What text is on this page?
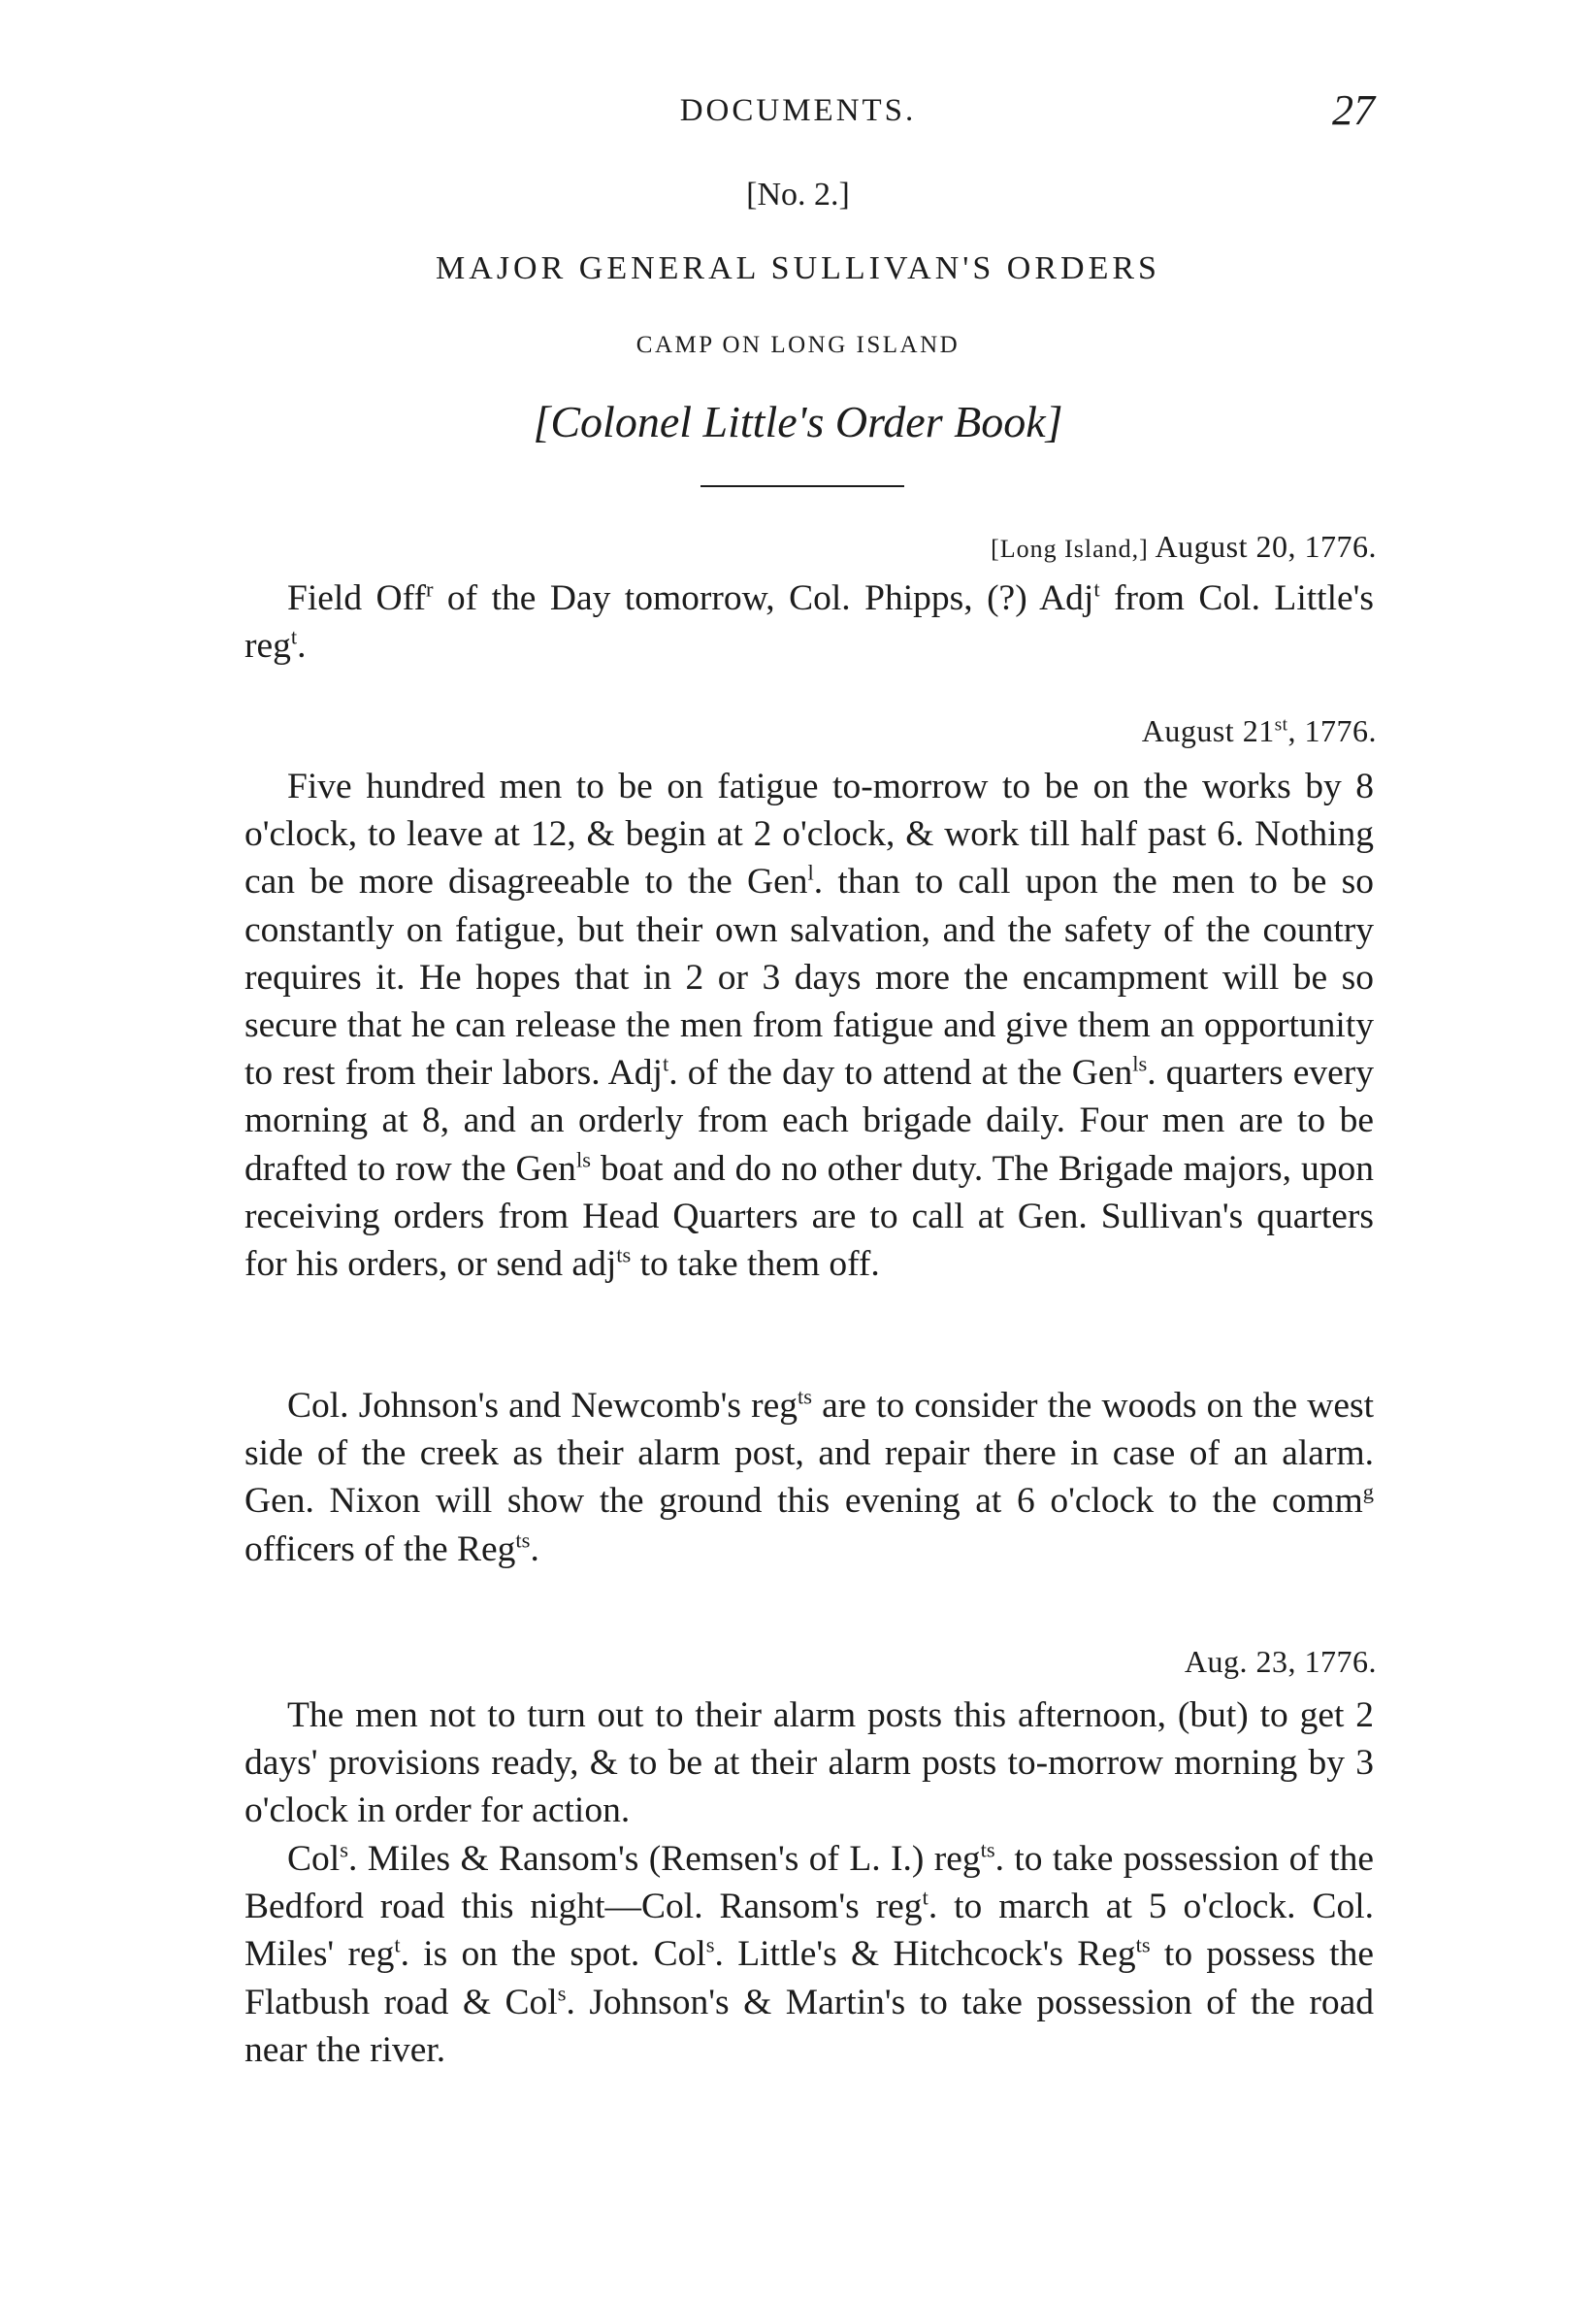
DOCUMENTS.	27
[No. 2.]
MAJOR GENERAL SULLIVAN'S ORDERS
CAMP ON LONG ISLAND
[Colonel Little's Order Book]
[Long Island,] August 20, 1776.
Field Off$^r$ of the Day tomorrow, Col. Phipps, (?) Adj$^t$ from Col. Little's reg$^t$.
August 21st, 1776.
Five hundred men to be on fatigue to-morrow to be on the works by 8 o'clock, to leave at 12, & begin at 2 o'clock, & work till half past 6. Nothing can be more disagreeable to the Gen$^l$. than to call upon the men to be so constantly on fatigue, but their own salvation, and the safety of the country requires it. He hopes that in 2 or 3 days more the encampment will be so secure that he can release the men from fatigue and give them an opportunity to rest from their labors. Adj$^t$. of the day to attend at the Gen$^{ls}$. quarters every morning at 8, and an orderly from each brigade daily. Four men are to be drafted to row the Gen$^{ls}$ boat and do no other duty. The Brigade majors, upon receiving orders from Head Quarters are to call at Gen. Sullivan's quarters for his orders, or send adj$^{ts}$ to take them off.
Col. Johnson's and Newcomb's reg$^{ts}$ are to consider the woods on the west side of the creek as their alarm post, and repair there in case of an alarm. Gen. Nixon will show the ground this evening at 6 o'clock to the comm$^g$ officers of the Reg$^{ts}$.
Aug. 23, 1776.
The men not to turn out to their alarm posts this afternoon, (but) to get 2 days' provisions ready, & to be at their alarm posts to-morrow morning by 3 o'clock in order for action.
Col$^s$. Miles & Ransom's (Remsen's of L. I.) reg$^{ts}$. to take possession of the Bedford road this night—Col. Ransom's reg$^t$. to march at 5 o'clock. Col. Miles' reg$^t$. is on the spot. Col$^s$. Little's & Hitchcock's Reg$^{ts}$ to possess the Flatbush road & Col$^s$. Johnson's & Martin's to take possession of the road near the river.
